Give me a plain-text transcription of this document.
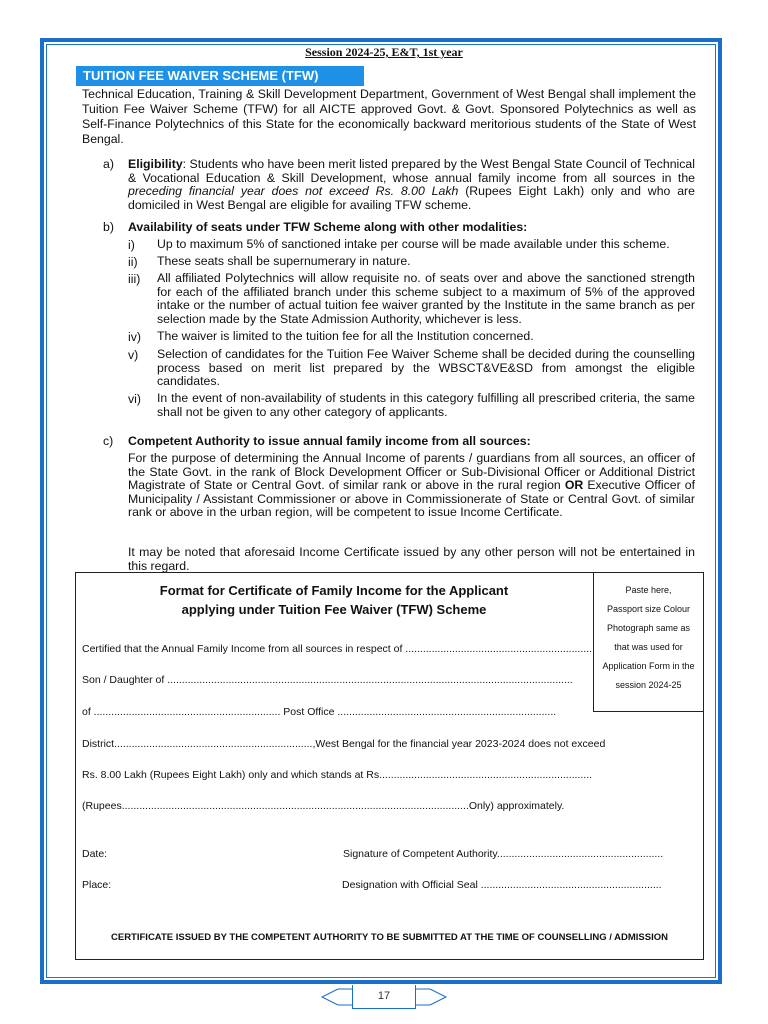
Session 2024-25, E&T, 1st year
TUITION FEE WAIVER SCHEME (TFW)

Technical Education, Training & Skill Development Department, Government of West Bengal shall implement the Tuition Fee Waiver Scheme (TFW) for all AICTE approved Govt. & Govt. Sponsored Polytechnics as well as Self-Finance Polytechnics of this State for the economically backward meritorious students of the State of West Bengal.

a) Eligibility: Students who have been merit listed prepared by the West Bengal State Council of Technical & Vocational Education & Skill Development, whose annual family income from all sources in the preceding financial year does not exceed Rs. 8.00 Lakh (Rupees Eight Lakh) only and who are domiciled in West Bengal are eligible for availing TFW scheme.
b) Availability of seats under TFW Scheme along with other modalities:
i) Up to maximum 5% of sanctioned intake per course will be made available under this scheme.
ii) These seats shall be supernumerary in nature.
iii) All affiliated Polytechnics will allow requisite no. of seats over and above the sanctioned strength for each of the affiliated branch under this scheme subject to a maximum of 5% of the approved intake or the number of actual tuition fee waiver granted by the Institute in the same branch as per selection made by the State Admission Authority, whichever is less.
iv) The waiver is limited to the tuition fee for all the Institution concerned.
v) Selection of candidates for the Tuition Fee Waiver Scheme shall be decided during the counselling process based on merit list prepared by the WBSCT&VE&SD from amongst the eligible candidates.
vi) In the event of non-availability of students in this category fulfilling all prescribed criteria, the same shall not be given to any other category of applicants.
c) Competent Authority to issue annual family income from all sources:
For the purpose of determining the Annual Income of parents / guardians from all sources, an officer of the State Govt. in the rank of Block Development Officer or Sub-Divisional Officer or Additional District Magistrate of State or Central Govt. of similar rank or above in the rural region OR Executive Officer of Municipality / Assistant Commissioner or above in Commissionerate of State or Central Govt. of similar rank or above in the urban region, will be competent to issue Income Certificate.
It may be noted that aforesaid Income Certificate issued by any other person will not be entertained in this regard.
Format for Certificate of Family Income for the Applicant
applying under Tuition Fee Waiver (TFW) Scheme
Paste here,
Passport size Colour
Photograph same as
that was used for
Application Form in the
session 2024-25
Certified that the Annual Family Income from all sources in respect of ................................................................
Son / Daughter of ...........................................................................................................................................
of ................................................................ Post Office ...........................................................................
District....................................................................,West Bengal for the financial year 2023-2024 does not exceed
Rs. 8.00 Lakh (Rupees Eight Lakh) only and which stands at Rs.........................................................................
(Rupees.......................................................................................................................Only) approximately.
Date:	Signature of Competent Authority.........................................................
Place:	Designation with Official Seal ..............................................................
CERTIFICATE ISSUED BY THE COMPETENT AUTHORITY TO BE SUBMITTED AT THE TIME OF COUNSELLING / ADMISSION
17
